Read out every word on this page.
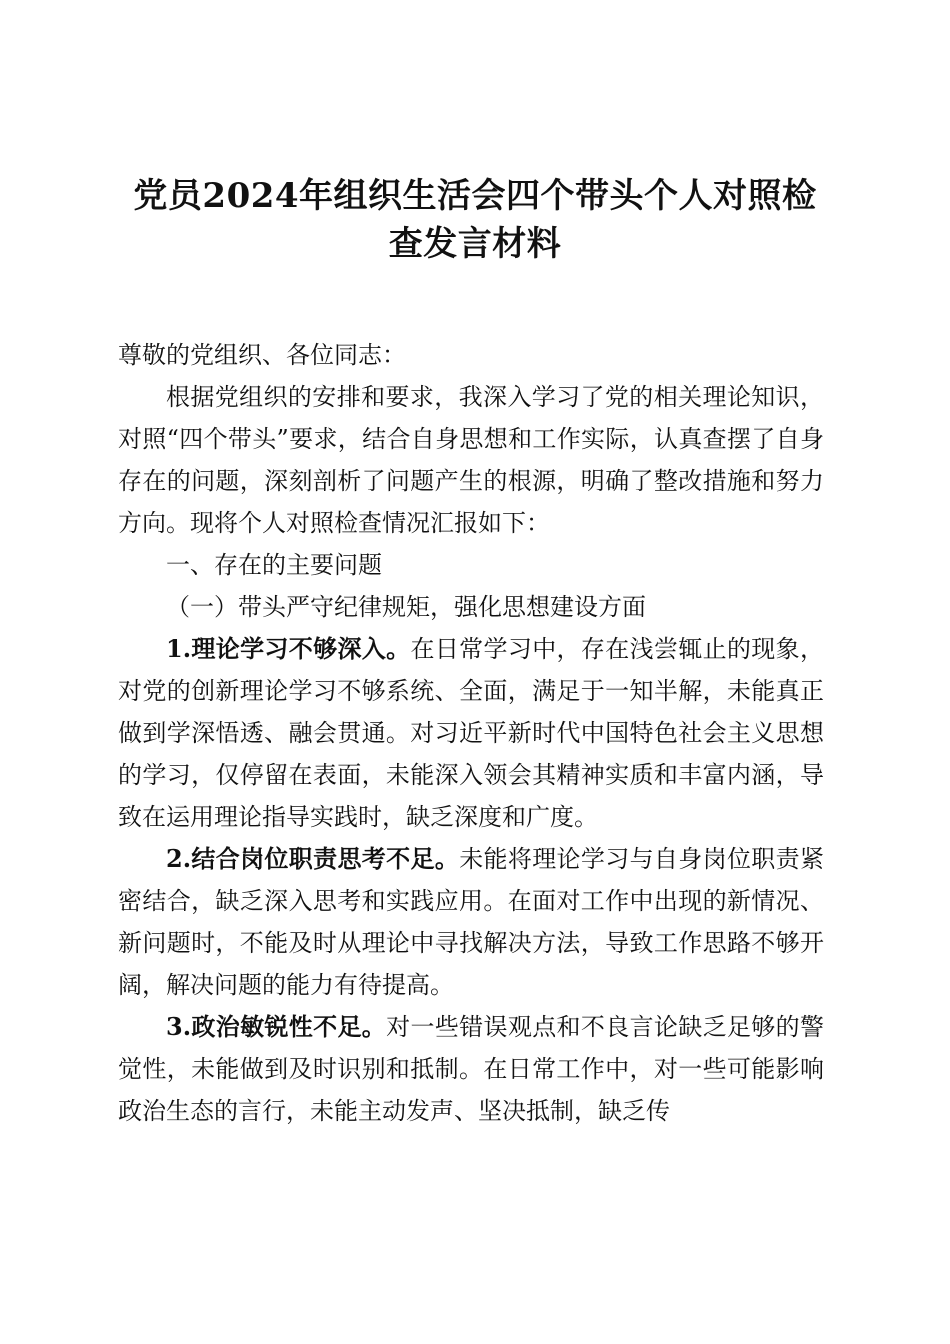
党员2024年组织生活会四个带头个人对照检查发言材料

尊敬的党组织、各位同志：

根据党组织的安排和要求，我深入学习了党的相关理论知识，对照“四个带头”要求，结合自身思想和工作实际，认真查摆了自身存在的问题，深刻剖析了问题产生的根源，明确了整改措施和努力方向。现将个人对照检查情况汇报如下：

一、存在的主要问题

（一）带头严守纪律规矩，强化思想建设方面

1.理论学习不够深入。在日常学习中，存在浅尝辄止的现象，对党的创新理论学习不够系统、全面，满足于一知半解，未能真正做到学深悟透、融会贯通。对习近平新时代中国特色社会主义思想的学习，仅停留在表面，未能深入领会其精神实质和丰富内涵，导致在运用理论指导实践时，缺乏深度和广度。

2.结合岗位职责思考不足。未能将理论学习与自身岗位职责紧密结合，缺乏深入思考和实践应用。在面对工作中出现的新情况、新问题时，不能及时从理论中寻找解决方法，导致工作思路不够开阔，解决问题的能力有待提高。

3.政治敏锐性不足。对一些错误观点和不良言论缺乏足够的警觉性，未能做到及时识别和抵制。在日常工作中，对一些可能影响政治生态的言行，未能主动发声、坚决抵制，缺乏传
